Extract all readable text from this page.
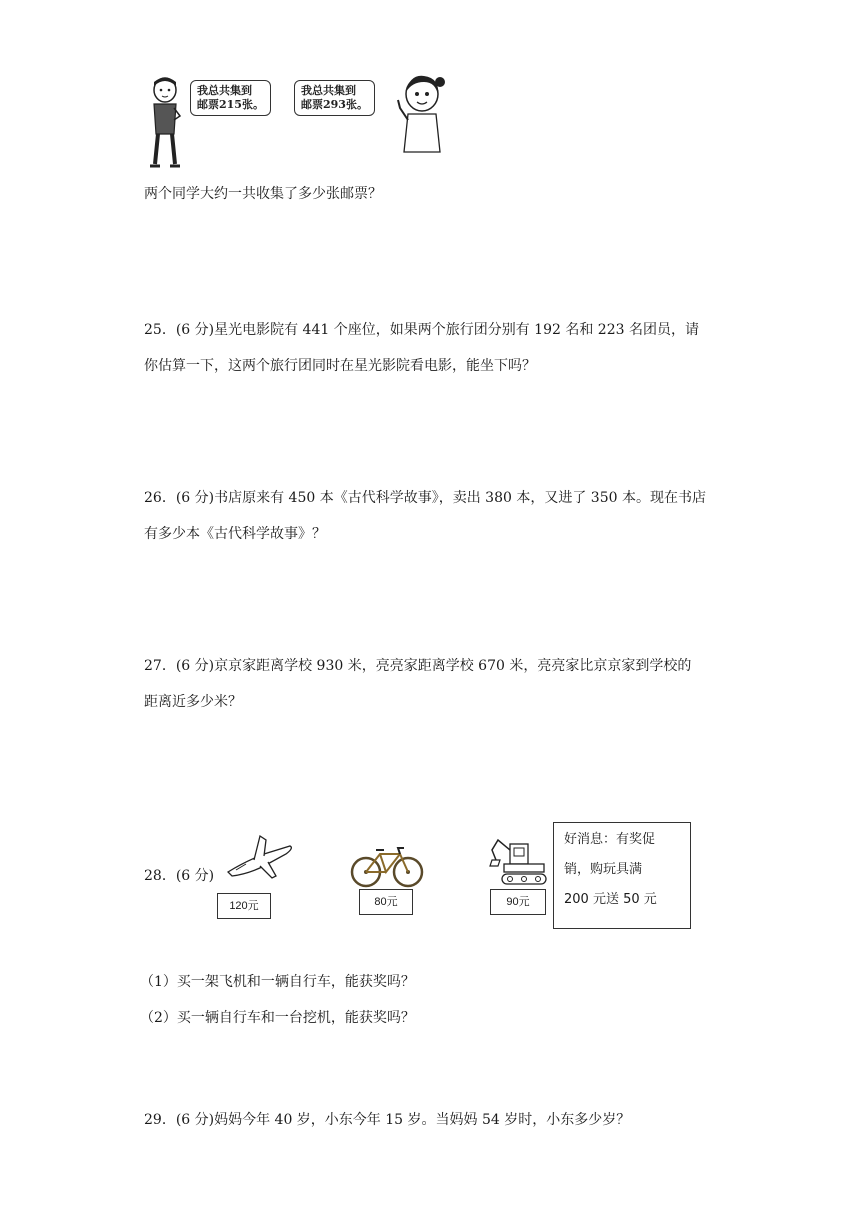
我总共集到
邮票215张。
我总共集到
邮票293张。
两个同学大约一共收集了多少张邮票？
25．(6 分)星光电影院有 441 个座位，如果两个旅行团分别有 192 名和 223 名团员，请
你估算一下，这两个旅行团同时在星光影院看电影，能坐下吗？
26．(6 分)书店原来有 450 本《古代科学故事》，卖出 380 本，又进了 350 本。现在书店
有多少本《古代科学故事》？
27．(6 分)京京家距离学校 930 米，亮亮家距离学校 670 米，亮亮家比京京家到学校的
距离近多少米？
28．(6 分)
120元	80元	90元
好消息：有奖促
销，购玩具满
200 元送 50 元
（1）买一架飞机和一辆自行车，能获奖吗？
（2）买一辆自行车和一台挖机，能获奖吗？
29．(6 分)妈妈今年 40 岁，小东今年 15 岁。当妈妈 54 岁时，小东多少岁？
